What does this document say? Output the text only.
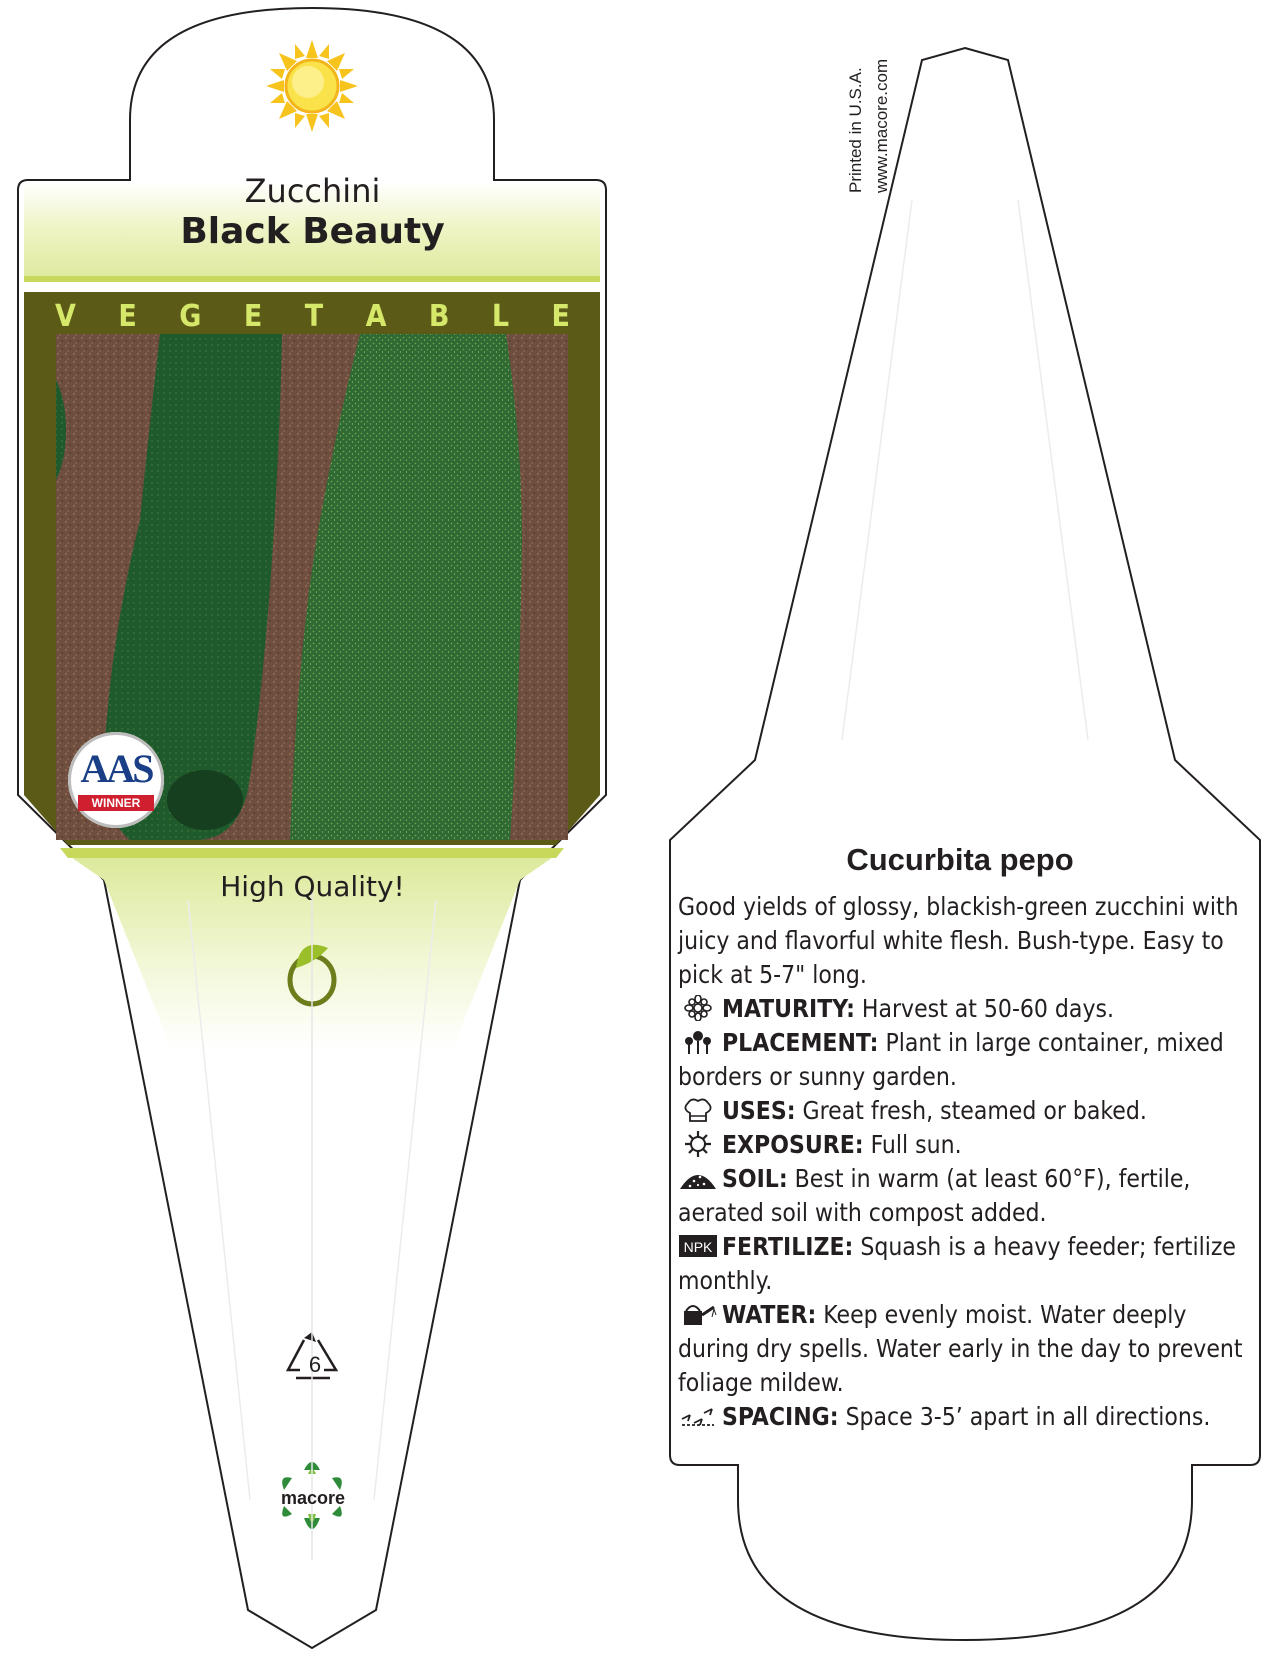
Zucchini
Black Beauty
V E G E T A B L E
High Quality!
AAS
WINNER
6
macore
Printed in U.S.A. www.macore.com
Cucurbita pepo

Good yields of glossy, blackish-green zucchini with juicy and flavorful white flesh. Bush-type. Easy to pick at 5-7" long.

MATURITY: Harvest at 50-60 days.
PLACEMENT: Plant in large container, mixed borders or sunny garden.
USES: Great fresh, steamed or baked.
EXPOSURE: Full sun.
SOIL: Best in warm (at least 60°F), fertile, aerated soil with compost added.
NPK FERTILIZE: Squash is a heavy feeder; fertilize monthly.
WATER: Keep evenly moist. Water deeply during dry spells. Water early in the day to prevent foliage mildew.
SPACING: Space 3-5’ apart in all directions.
